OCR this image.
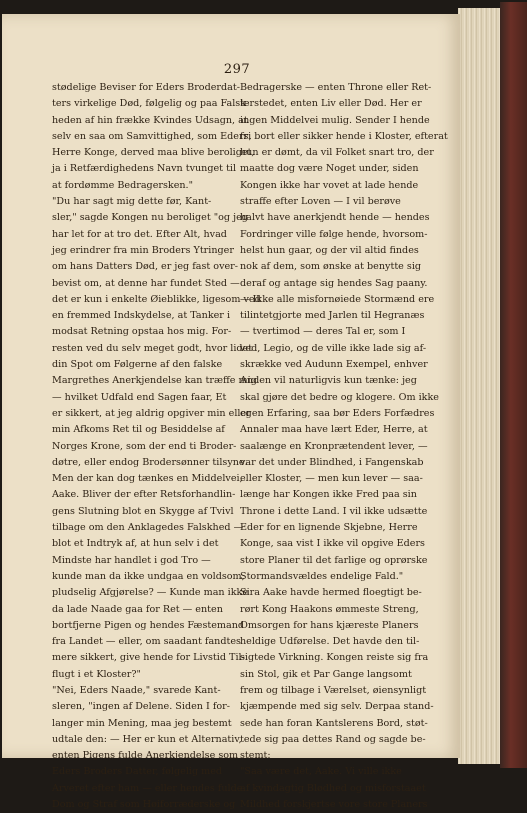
297
stødelige Beviser for Eders Broderdat-
ters virkelige Død, følgelig og paa Falsk-
heden af hin frække Kvindes Udsagn, at
selv en saa om Samvittighed, som Eders,
Herre Konge, derved maa blive beroliget,
ja i Retfærdighedens Navn tvunget til
at fordømme Bedragersken."
"Du har sagt mig dette før, Kant-
sler," sagde Kongen nu beroliget "og jeg
har let for at tro det. Efter Alt, hvad
jeg erindrer fra min Broders Ytringer
om hans Datters Død, er jeg fast over-
bevist om, at denne har fundet Sted —
det er kun i enkelte Øieblikke, ligesom ved
en fremmed Indskydelse, at Tanker i
modsat Retning opstaa hos mig. For-
resten ved du selv meget godt, hvor lidet
din Spot om Følgerne af den falske
Margrethes Anerkjendelse kan træffe mig
— hvilket Udfald end Sagen faar, Et
er sikkert, at jeg aldrig opgiver min eller
min Afkoms Ret til og Besiddelse af
Norges Krone, som der end ti Broder-
døtre, eller endog Brodersønner tilsyne.
Men der kan dog tænkes en Middelvei,
Aake. Bliver der efter Retsforhandlin-
gens Slutning blot en Skygge af Tvivl
tilbage om den Anklagedes Falskhed —
blot et Indtryk af, at hun selv i det
Mindste har handlet i god Tro —
kunde man da ikke undgaa en voldsom,
pludselig Afgjørelse? — Kunde man ikke
da lade Naade gaa for Ret — enten
bortfjerne Pigen og hendes Fæstemand
fra Landet — eller, om saadant fandtes
mere sikkert, give hende for Livstid Til-
flugt i et Kloster?"
"Nei, Eders Naade," svarede Kant-
sleren, "ingen af Delene. Siden I for-
langer min Mening, maa jeg bestemt
udtale den: — Her er kun et Alternativ,
enten Pigens fulde Anerkjendelse som
Eders Broders Datter, følgelig med
Arveret efter ham — eller hendes fulde
Dom og Straf som Høiforræderske og
Bedragerske — enten Throne eller Ret-
terstedet, enten Liv eller Død. Her er
ingen Middelvei mulig. Sender I hende
fri bort eller sikker hende i Kloster, efterat
hun er dømt, da vil Folket snart tro, der
maatte dog være Noget under, siden
Kongen ikke har vovet at lade hende
straffe efter Loven — I vil berøve
halvt have anerkjendt hende — hendes
Fordringer ville følge hende, hvorsom-
helst hun gaar, og der vil altid findes
nok af dem, som ønske at benytte sig
deraf og antage sig hendes Sag paany.
— Ikke alle misfornøiede Stormænd ere
tilintetgjorte med Jarlen til Hegranæs
— tvertimod — deres Tal er, som I
ved, Legio, og de ville ikke lade sig af-
skrække ved Audunn Exempel, enhver
Anden vil naturligvis kun tænke: jeg
skal gjøre det bedre og klogere. Om ikke
egen Erfaring, saa bør Eders Forfædres
Annaler maa have lært Eder, Herre, at
saalænge en Kronprætendent lever, —
var det under Blindhed, i Fangenskab
eller Kloster, — men kun lever — saa-
længe har Kongen ikke Fred paa sin
Throne i dette Land. I vil ikke udsætte
Eder for en lignende Skjebne, Herre
Konge, saa vist I ikke vil opgive Eders
store Planer til det farlige og oprørske
Stormandsvældes endelige Fald."
Sira Aake havde hermed floegtigt be-
rørt Kong Haakons ømmeste Streng,
Omsorgen for hans kjæreste Planers
heldige Udførelse. Det havde den til-
sigtede Virkning. Kongen reiste sig fra
sin Stol, gik et Par Gange langsomt
frem og tilbage i Værelset, øiensynligt
kjæmpende med sig selv. Derpaa stand-
sede han foran Kantslerens Bord, støt-
tede sig paa dettes Rand og sagde be-
stemt:
"Saa være det, Aake. Vi ville ikke
af kvindagtig Blødhed og misforstaaet
Mildhed forskjertse vore store Planers
